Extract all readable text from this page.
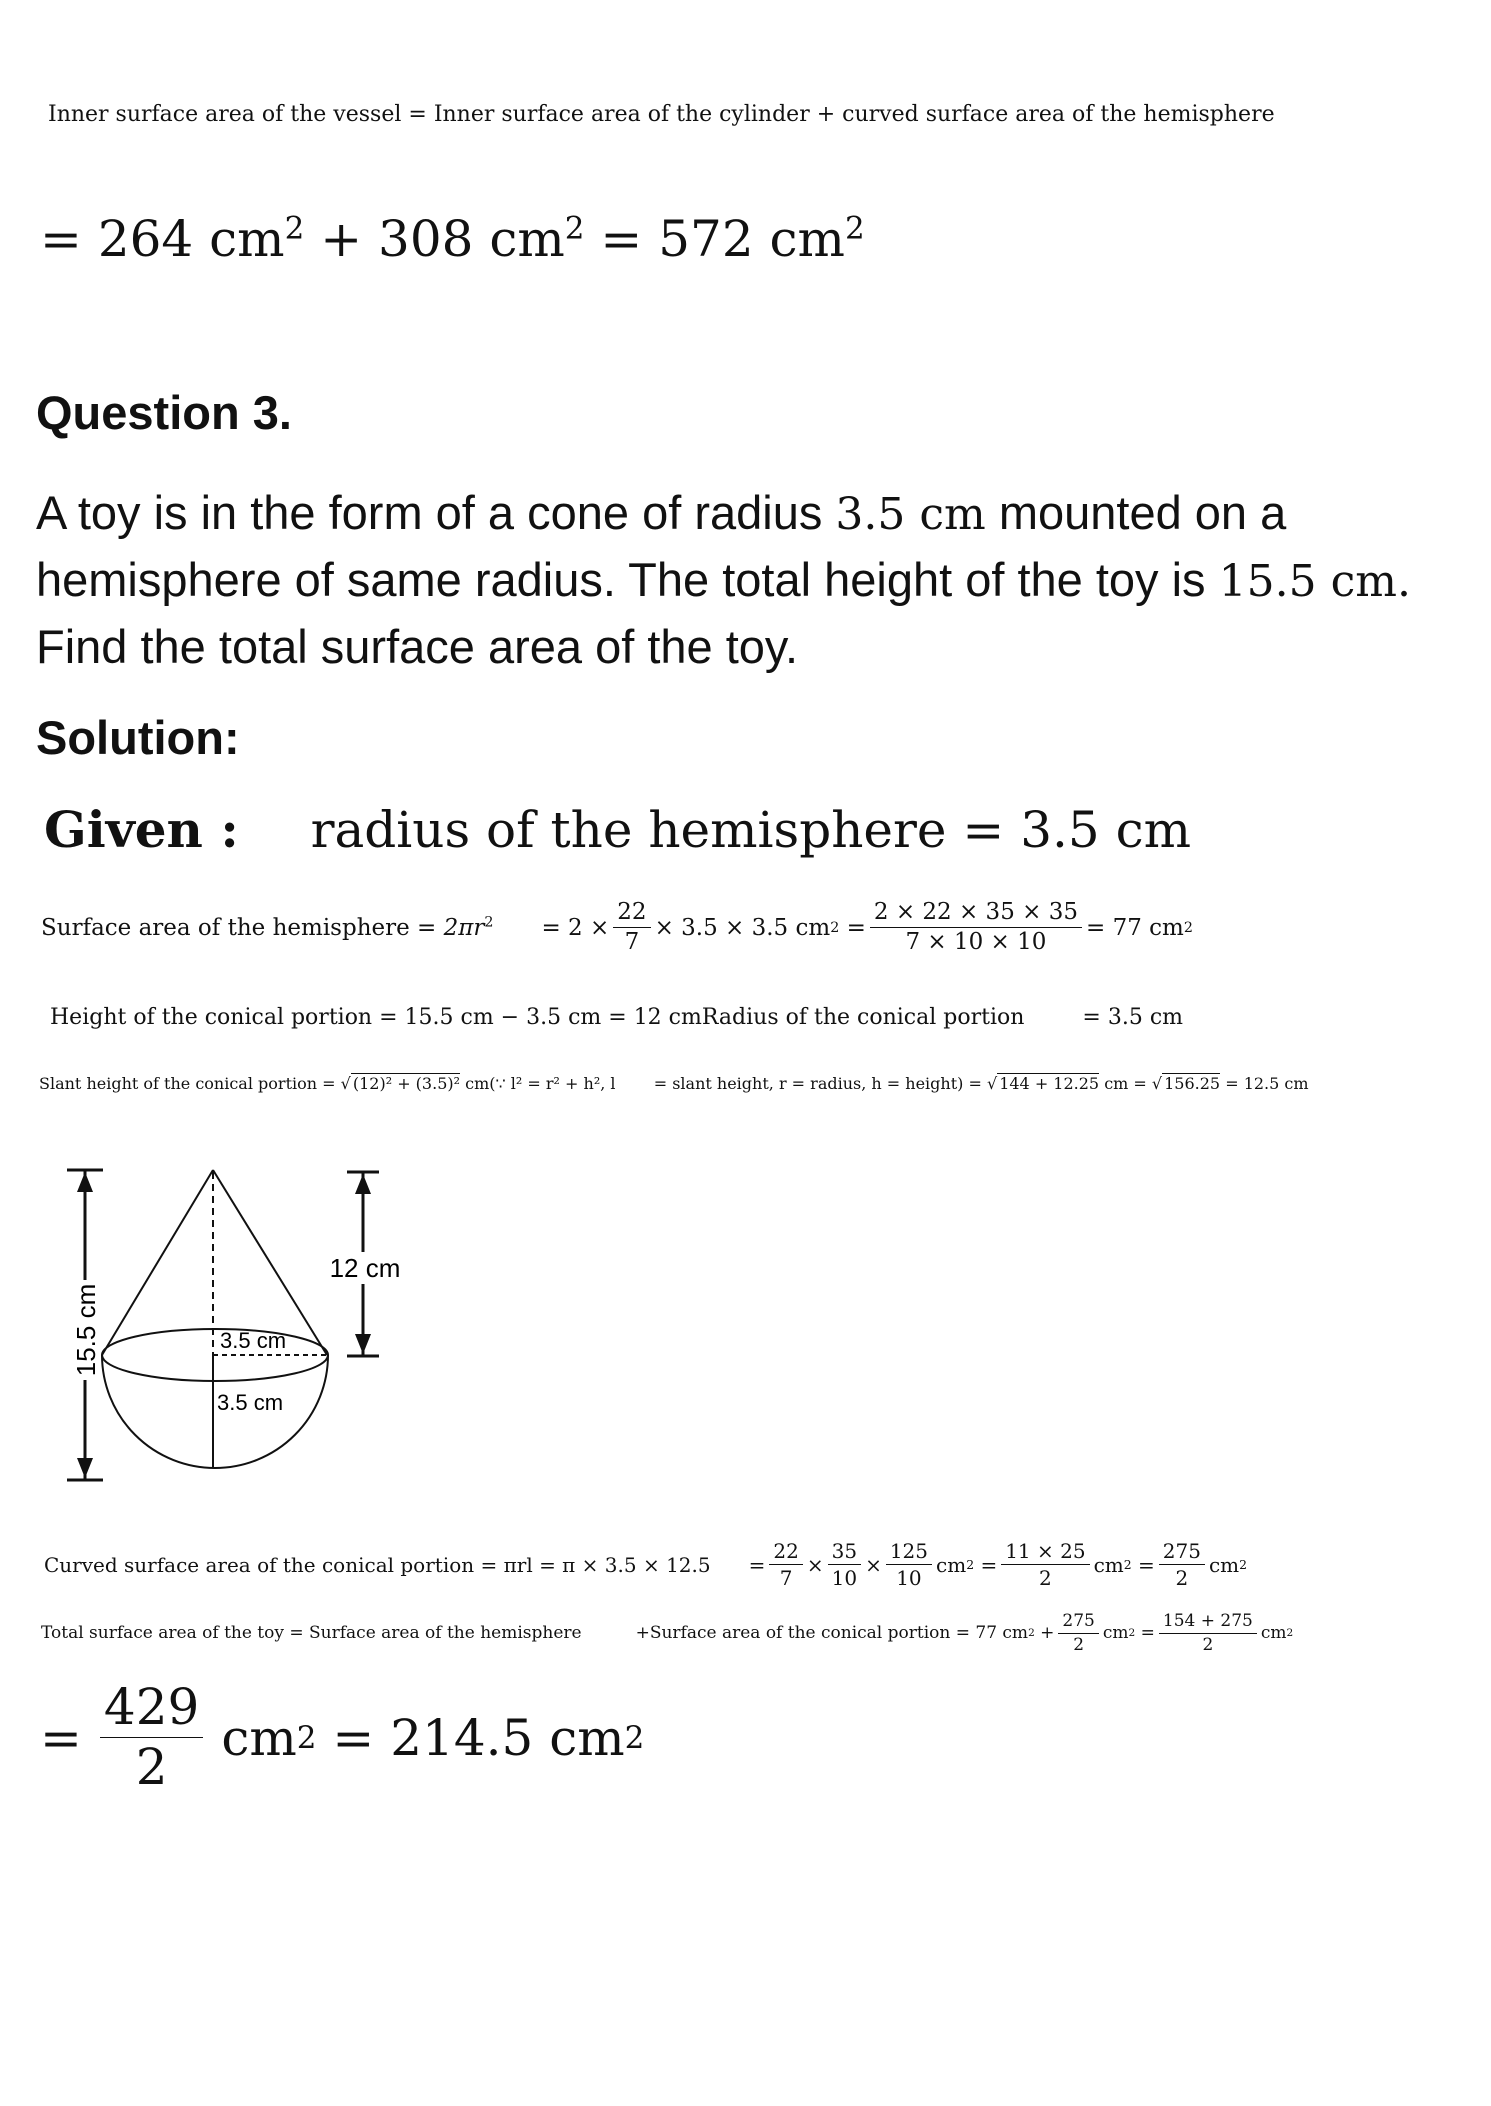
Inner surface area of the vessel = Inner surface area of the cylinder + curved surface area of the hemisphere
= 264 $cm^2 + 308$ $cm^2 = 572$ $cm^2$
Question 3.
A toy is in the form of a cone of radius 3.5 cm mounted on a hemisphere of same radius. The total height of the toy is 15.5 cm. Find the total surface area of the toy.
Solution:
Given : radius of the hemisphere = 3.5 cm
Surface area of the hemisphere
=
$2\pi r^2 = 2 \times \frac{22}{7} \times 3.5 \times 3.5$ cm 2
= $\frac{2 \times 22 \times 35 \times 35}{7 \times 10 \times 10} = 77$ cm 2
Height of the conical portion = 15.5 cm − 3.5 cm = 12 cmRadius of the conical portion	= 3.5 cm
Slant height of the conical portion = √ (12)² + (3.5)² cm(∵ l² = r² + h², l = slant height, r = radius, h = height) = √ 144 + 12.25 cm = √ 156.25 = 12.5 cm
15.5 cm	3.5 cm
3.5 cm
12 cm
Curved surface area of the conical portion = $\pi rl = \pi \times 3.5 \times 12.5 = \frac{22}{7} \times \frac{35}{10} \times \frac{125}{10}$ cm 2
= $\frac{11 \times 25}{2}$ cm 2
= $\frac{275}{2}$ cm 2
Total surface area of the toy = Surface area of the hemisphere	+Surface area of the conical portion = 77 cm 2
+ $\frac{275}{2}$ cm $2 = \frac{154 + 275}{2}$ cm 2
= $\frac{429}{2}$ cm 2
=
214.5 cm 2
